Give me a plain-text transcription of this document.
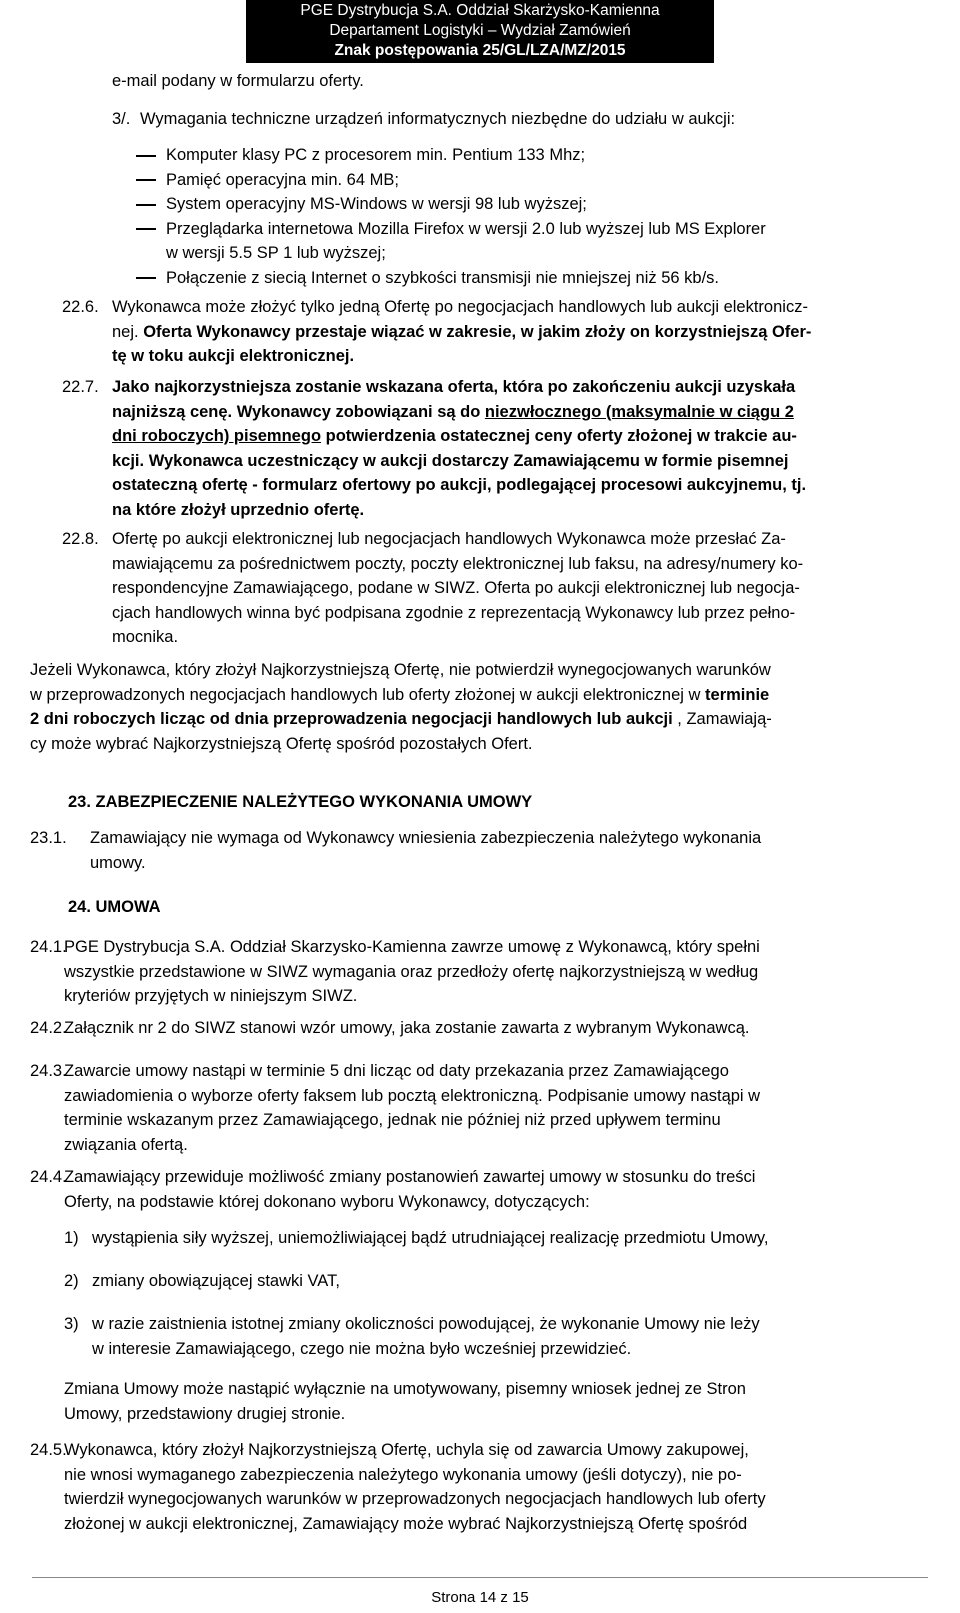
PGE Dystrybucja S.A. Oddział Skarżysko-Kamienna
Departament Logistyki – Wydział Zamówień
Znak postępowania 25/GL/LZA/MZ/2015
e-mail podany w formularzu oferty.
3/. Wymagania techniczne urządzeń informatycznych niezbędne do udziału w aukcji:
Komputer klasy PC z procesorem min. Pentium 133 Mhz;
Pamięć operacyjna min. 64 MB;
System operacyjny MS-Windows w wersji 98 lub wyższej;
Przeglądarka internetowa Mozilla Firefox w wersji 2.0 lub wyższej lub MS Explorer
w wersji 5.5 SP 1 lub wyższej;
Połączenie z siecią Internet o szybkości transmisji nie mniejszej niż 56 kb/s.
22.6. Wykonawca może złożyć tylko jedną Ofertę po negocjacjach handlowych lub aukcji elektronicz-
nej. Oferta Wykonawcy przestaje wiązać w zakresie, w jakim złoży on korzystniejszą Ofer-
tę w toku aukcji elektronicznej.
22.7. Jako najkorzystniejsza zostanie wskazana oferta, która po zakończeniu aukcji uzyskała
najniższą cenę. Wykonawcy zobowiązani są do niezwłocznego (maksymalnie w ciągu 2
dni roboczych) pisemnego potwierdzenia ostatecznej ceny oferty złożonej w trakcie au-
kcji. Wykonawca uczestniczący w aukcji dostarczy Zamawiającemu w formie pisemnej
ostateczną ofertę - formularz ofertowy po aukcji, podlegającej procesowi aukcyjnemu, tj.
na które złożył uprzednio ofertę.
22.8. Ofertę po aukcji elektronicznej lub negocjacjach handlowych Wykonawca może przesłać Za-
mawiającemu za pośrednictwem poczty, poczty elektronicznej lub faksu, na adresy/numery ko-
respondencyjne Zamawiającego, podane w SIWZ. Oferta po aukcji elektronicznej lub negocja-
cjach handlowych winna być podpisana zgodnie z reprezentacją Wykonawcy lub przez pełno-
mocnika.
Jeżeli Wykonawca, który złożył Najkorzystniejszą Ofertę, nie potwierdził wynegocjowanych warunków
w przeprowadzonych negocjacjach handlowych lub oferty złożonej w aukcji elektronicznej w terminie
2 dni roboczych licząc od dnia przeprowadzenia negocjacji handlowych lub aukcji , Zamawiają-
cy może wybrać Najkorzystniejszą Ofertę spośród pozostałych Ofert.
23. ZABEZPIECZENIE NALEŻYTEGO WYKONANIA UMOWY
23.1. Zamawiający nie wymaga od Wykonawcy wniesienia zabezpieczenia należytego wykonania
umowy.
24. UMOWA
24.1.
PGE Dystrybucja S.A. Oddział Skarzysko-Kamienna zawrze umowę z Wykonawcą, który spełni
wszystkie przedstawione w SIWZ wymagania oraz przedłoży ofertę najkorzystniejszą w według
kryteriów przyjętych w niniejszym SIWZ.
24.2.
Załącznik nr 2 do SIWZ stanowi wzór umowy, jaka zostanie zawarta z wybranym Wykonawcą.
24.3.
Zawarcie umowy nastąpi w terminie 5 dni licząc od daty przekazania przez Zamawiającego
zawiadomienia o wyborze oferty faksem lub pocztą elektroniczną. Podpisanie umowy nastąpi w
terminie wskazanym przez Zamawiającego, jednak nie później niż przed upływem terminu
związania ofertą.
24.4.
Zamawiający przewiduje możliwość zmiany postanowień zawartej umowy w stosunku do treści
Oferty, na podstawie której dokonano wyboru Wykonawcy, dotyczących:
1) wystąpienia siły wyższej, uniemożliwiającej bądź utrudniającej realizację przedmiotu Umowy,
2) zmiany obowiązującej stawki VAT,
3) w razie zaistnienia istotnej zmiany okoliczności powodującej, że wykonanie Umowy nie leży
w interesie Zamawiającego, czego nie można było wcześniej przewidzieć.
Zmiana Umowy może nastąpić wyłącznie na umotywowany, pisemny wniosek jednej ze Stron
Umowy, przedstawiony drugiej stronie.
24.5.
Wykonawca, który złożył Najkorzystniejszą Ofertę, uchyla się od zawarcia Umowy zakupowej,
nie wnosi wymaganego zabezpieczenia należytego wykonania umowy (jeśli dotyczy), nie po-
twierdził wynegocjowanych warunków w przeprowadzonych negocjacjach handlowych lub oferty
złożonej w aukcji elektronicznej, Zamawiający może wybrać Najkorzystniejszą Ofertę spośród
Strona 14 z 15
